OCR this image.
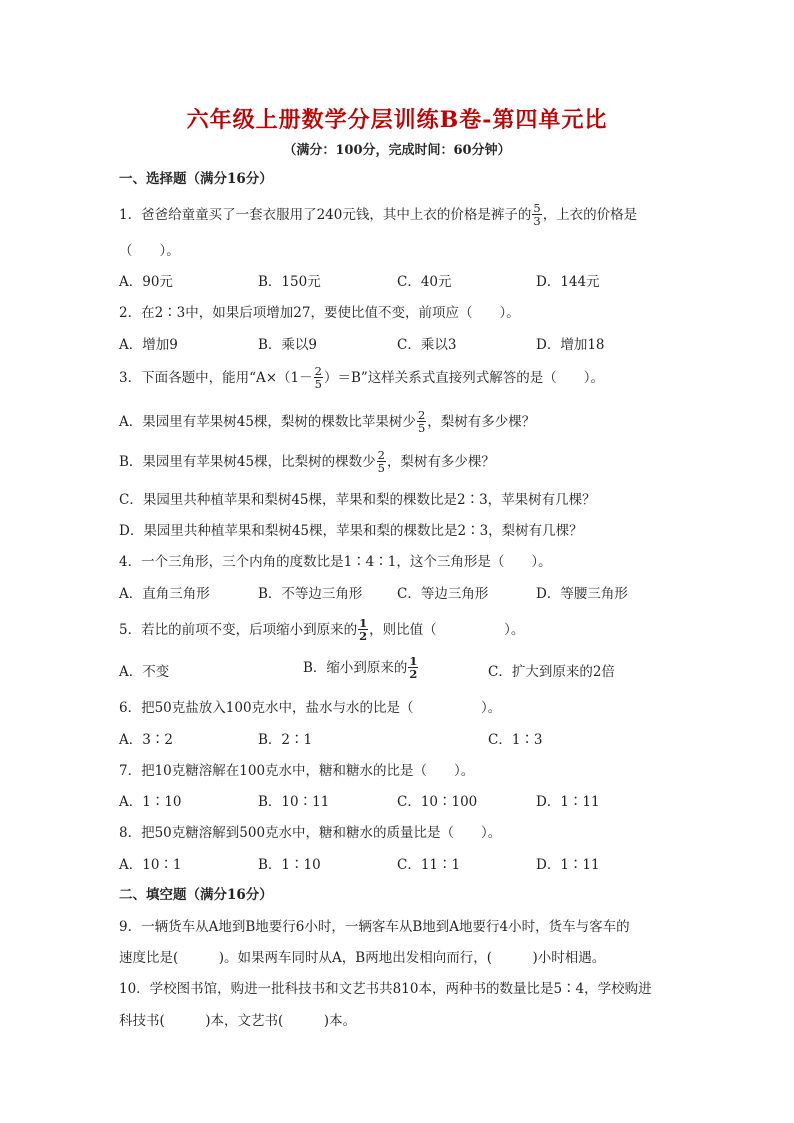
六年级上册数学分层训练B卷-第四单元比
（满分：100分，完成时间：60分钟）
一、选择题（满分16分）
1．爸爸给童童买了一套衣服用了240元钱，其中上衣的价格是裤子的 $\frac{5}{3}$ ，上衣的价格是
（　　）。
A．90元	B．150元	C．40元	D．144元
2．在2∶3中，如果后项增加27，要使比值不变，前项应（　　）。
A．增加9	B．乘以9	C．乘以3	D．增加18
3．下面各题中，能用“$A\times(1- \frac{2}{5} )=B$”这样关系式直接列式解答的是（　　）。
A．果园里有苹果树45棵，梨树的棵数比苹果树少 $\frac{2}{5}$ ，梨树有多少棵？
B．果园里有苹果树45棵，比梨树的棵数少 $\frac{2}{5}$ ，梨树有多少棵？
C．果园里共种植苹果和梨树45棵，苹果和梨的棵数比是2∶3，苹果树有几棵？
D．果园里共种植苹果和梨树45棵，苹果和梨的棵数比是2∶3，梨树有几棵？
4．一个三角形，三个内角的度数比是1∶4∶1，这个三角形是（　　）。
A．直角三角形	B．不等边三角形	C．等边三角形	D．等腰三角形
5．若比的前项不变，后项缩小到原来的 $\frac{1}{2}$ ，则比值（　　　　　）。
A．不变	B．缩小到原来的 $\frac{1}{2}$	C．扩大到原来的2倍
6．把50克盐放入100克水中，盐水与水的比是（　　　　　）。
A．3∶2	B．2∶1	C．1∶3
7．把10克糖溶解在100克水中，糖和糖水的比是（　　）。
A．1∶10	B．10∶11	C．10∶100	D．1∶11
8．把50克糖溶解到500克水中，糖和糖水的质量比是（　　）。
A．10∶1	B．1∶10	C．11∶1	D．1∶11
二、填空题（满分16分）
9．一辆货车从A地到B地要行6小时，一辆客车从B地到A地要行4小时，货车与客车的
速度比是(　　　)。如果两车同时从A，B两地出发相向而行，(　　　)小时相遇。
10．学校图书馆，购进一批科技书和文艺书共810本，两种书的数量比是5∶4，学校购进
科技书(　　　)本，文艺书(　　　)本。
